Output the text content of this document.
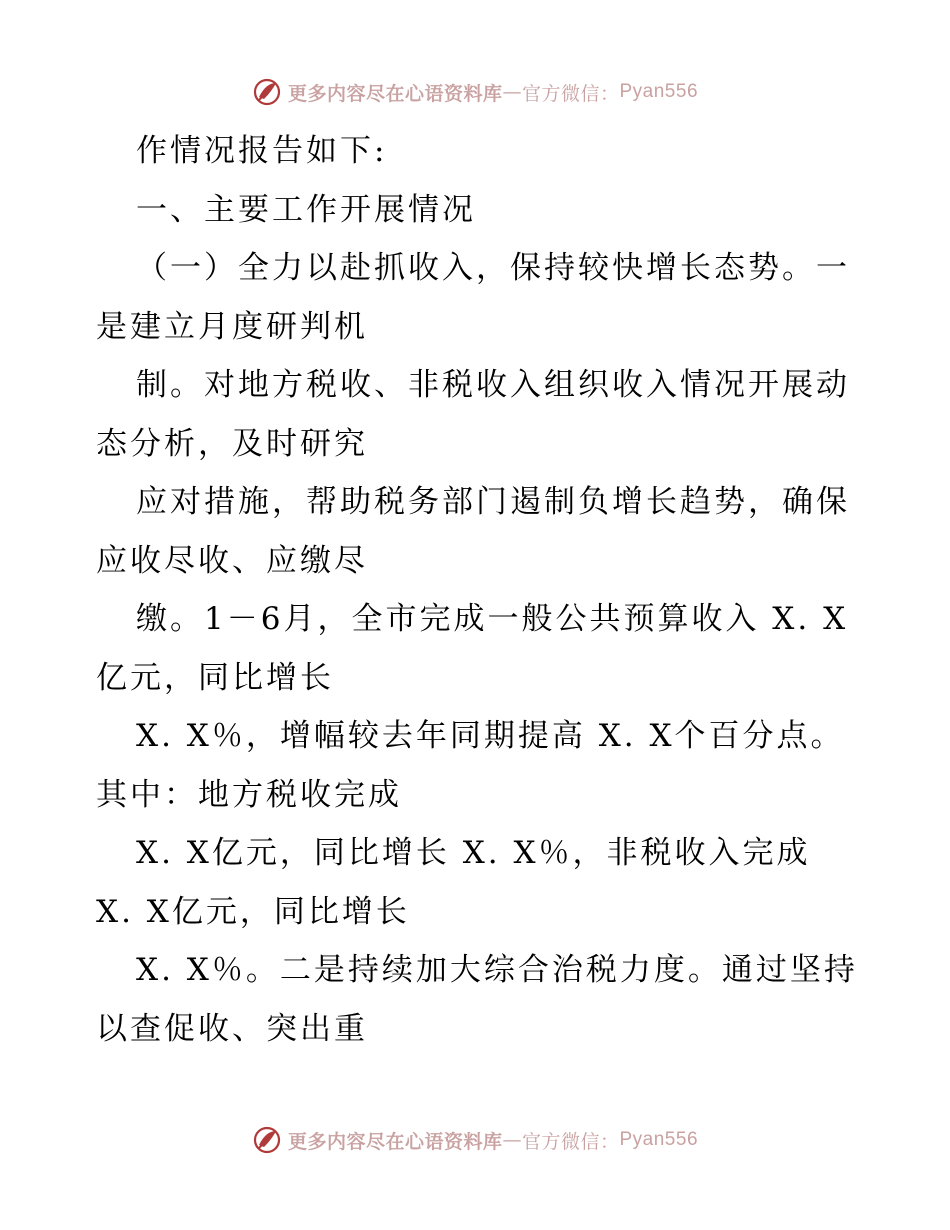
更多内容尽在心语资料库 — 官方微信： Pyan556
作情况报告如下:
一、主要工作开展情况
（一）全力以赴抓收入，保持较快增长态势。一
是建立月度研判机
制。对地方税收、非税收入组织收入情况开展动
态分析，及时研究
应对措施，帮助税务部门遏制负增长趋势，确保
应收尽收、应缴尽
缴。1－6月，全市完成一般公共预算收入 X. X
亿元，同比增长
X. X％，增幅较去年同期提高 X. X个百分点。
其中：地方税收完成
X. X亿元，同比增长 X. X％，非税收入完成
X. X亿元，同比增长
X. X％。二是持续加大综合治税力度。通过坚持
以查促收、突出重
更多内容尽在心语资料库 — 官方微信： Pyan556
